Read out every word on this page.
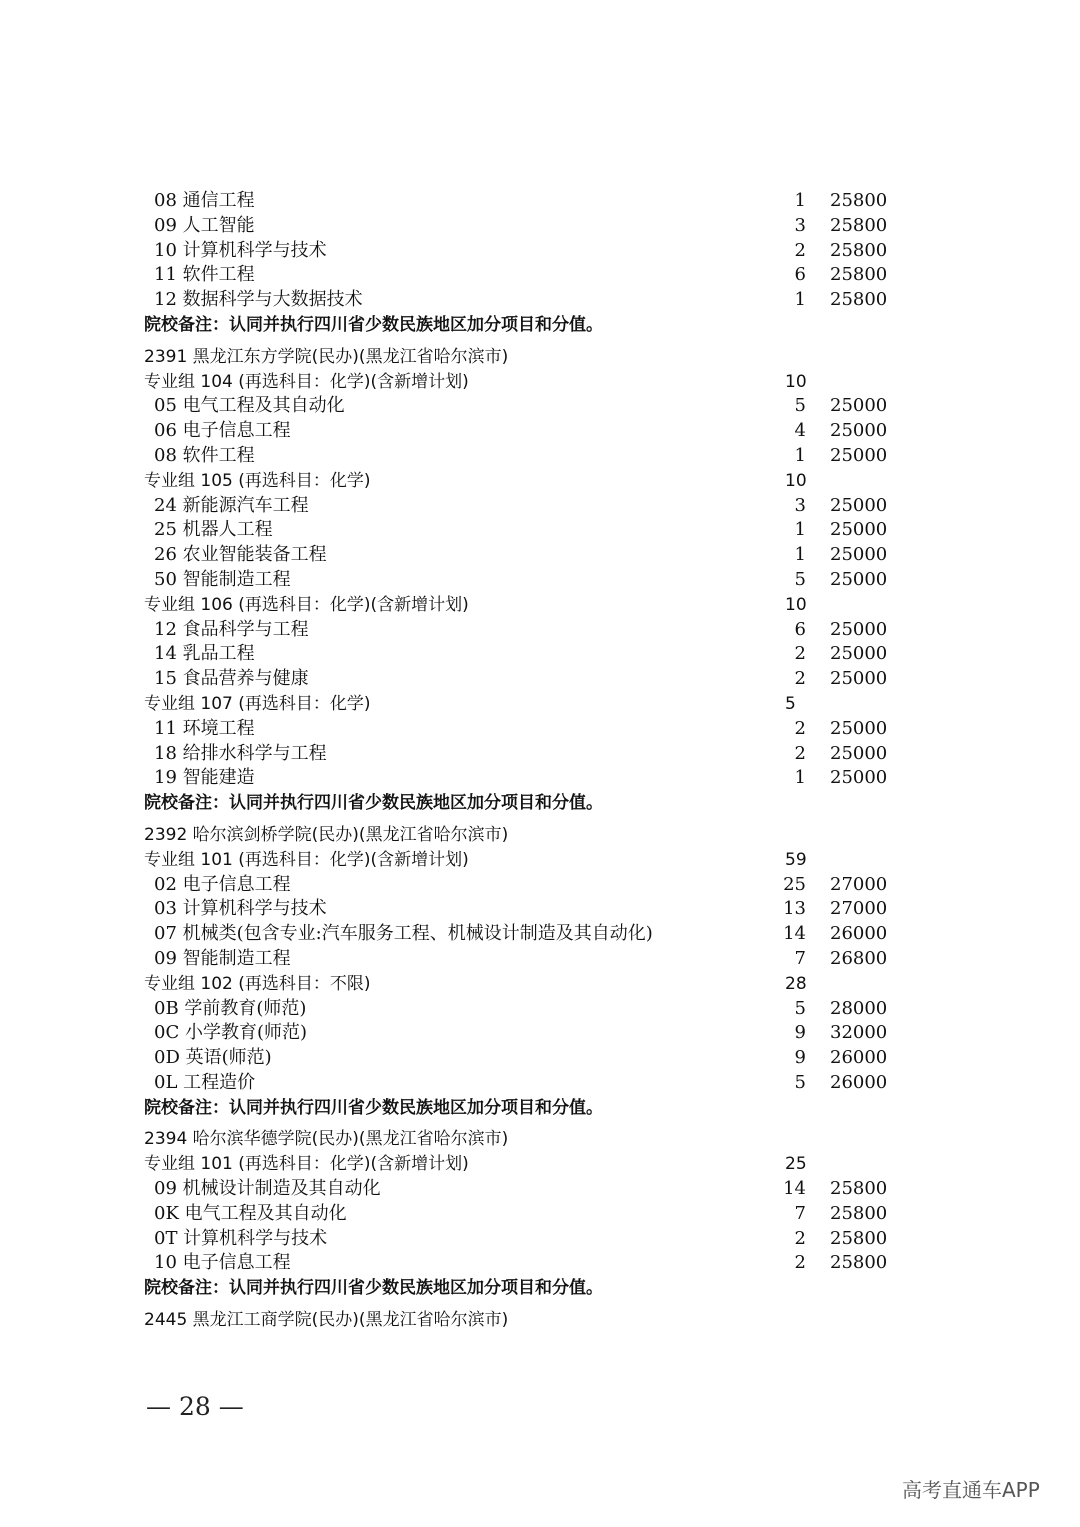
08 通信工程	1 25800
09 人工智能	3 25800
10 计算机科学与技术	2 25800
11 软件工程	6 25800
12 数据科学与大数据技术	1 25800
院校备注：认同并执行四川省少数民族地区加分项目和分值。
2391 黑龙江东方学院(民办)(黑龙江省哈尔滨市)
专业组 104 (再选科目：化学)(含新增计划)	10
05 电气工程及其自动化	5 25000
06 电子信息工程	4 25000
08 软件工程	1 25000
专业组 105 (再选科目：化学)	10
24 新能源汽车工程	3 25000
25 机器人工程	1 25000
26 农业智能装备工程	1 25000
50 智能制造工程	5 25000
专业组 106 (再选科目：化学)(含新增计划)	10
12 食品科学与工程	6 25000
14 乳品工程	2 25000
15 食品营养与健康	2 25000
专业组 107 (再选科目：化学)	5
11 环境工程	2 25000
18 给排水科学与工程	2 25000
19 智能建造	1 25000
院校备注：认同并执行四川省少数民族地区加分项目和分值。
2392 哈尔滨剑桥学院(民办)(黑龙江省哈尔滨市)
专业组 101 (再选科目：化学)(含新增计划)	59
02 电子信息工程	25 27000
03 计算机科学与技术	13 27000
07 机械类(包含专业:汽车服务工程、机械设计制造及其自动化)	14 26000
09 智能制造工程	7 26800
专业组 102 (再选科目：不限)	28
0B 学前教育(师范)	5 28000
0C 小学教育(师范)	9 32000
0D 英语(师范)	9 26000
0L 工程造价	5 26000
院校备注：认同并执行四川省少数民族地区加分项目和分值。
2394 哈尔滨华德学院(民办)(黑龙江省哈尔滨市)
专业组 101 (再选科目：化学)(含新增计划)	25
09 机械设计制造及其自动化	14 25800
0K 电气工程及其自动化	7 25800
0T 计算机科学与技术	2 25800
10 电子信息工程	2 25800
院校备注：认同并执行四川省少数民族地区加分项目和分值。
2445 黑龙江工商学院(民办)(黑龙江省哈尔滨市)
— 28 —
高考直通车APP
